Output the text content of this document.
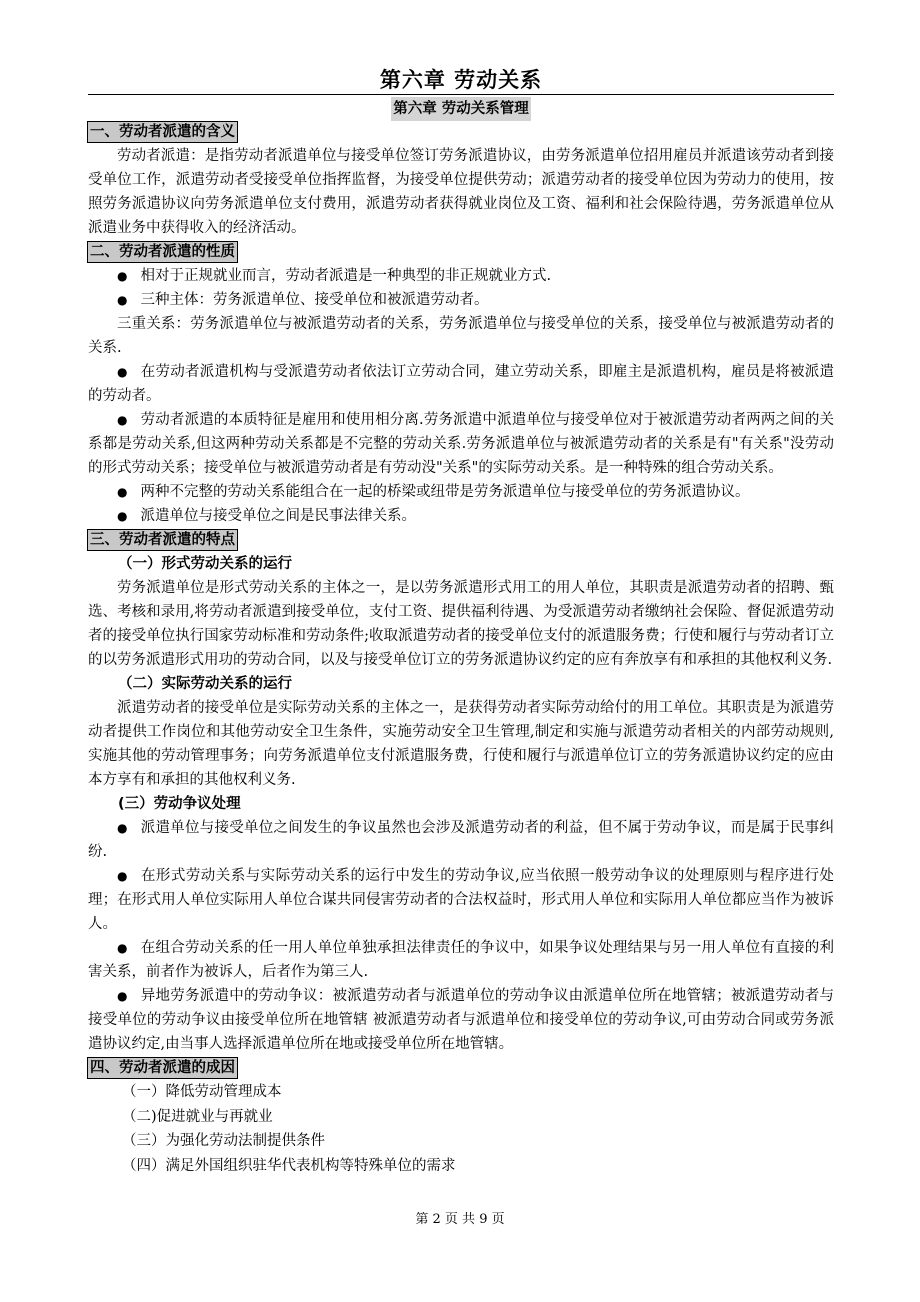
第六章 劳动关系
第六章 劳动关系管理
一、劳动者派遣的含义

劳动者派遣：是指劳动者派遣单位与接受单位签订劳务派遣协议，由劳务派遣单位招用雇员并派遣该劳动者到接受单位工作，派遣劳动者受接受单位指挥监督，为接受单位提供劳动；派遣劳动者的接受单位因为劳动力的使用，按照劳务派遣协议向劳务派遣单位支付费用，派遣劳动者获得就业岗位及工资、福利和社会保险待遇，劳务派遣单位从派遣业务中获得收入的经济活动。

二、劳动者派遣的性质

● 相对于正规就业而言，劳动者派遣是一种典型的非正规就业方式.

● 三种主体：劳务派遣单位、接受单位和被派遣劳动者。

三重关系：劳务派遣单位与被派遣劳动者的关系，劳务派遣单位与接受单位的关系，接受单位与被派遣劳动者的关系.

● 在劳动者派遣机构与受派遣劳动者依法订立劳动合同，建立劳动关系，即雇主是派遣机构，雇员是将被派遣的劳动者。

● 劳动者派遣的本质特征是雇用和使用相分离.劳务派遣中派遣单位与接受单位对于被派遣劳动者两两之间的关系都是劳动关系,但这两种劳动关系都是不完整的劳动关系.劳务派遣单位与被派遣劳动者的关系是有"有关系"没劳动的形式劳动关系；接受单位与被派遣劳动者是有劳动没"关系"的实际劳动关系。是一种特殊的组合劳动关系。

● 两种不完整的劳动关系能组合在一起的桥梁或纽带是劳务派遣单位与接受单位的劳务派遣协议。

● 派遣单位与接受单位之间是民事法律关系。

三、劳动者派遣的特点
（一）形式劳动关系的运行

劳务派遣单位是形式劳动关系的主体之一，是以劳务派遣形式用工的用人单位，其职责是派遣劳动者的招聘、甄选、考核和录用,将劳动者派遣到接受单位，支付工资、提供福利待遇、为受派遣劳动者缴纳社会保险、督促派遣劳动者的接受单位执行国家劳动标准和劳动条件;收取派遣劳动者的接受单位支付的派遣服务费；行使和履行与劳动者订立的以劳务派遣形式用功的劳动合同，以及与接受单位订立的劳务派遣协议约定的应有奔放享有和承担的其他权利义务.

（二）实际劳动关系的运行

派遣劳动者的接受单位是实际劳动关系的主体之一，是获得劳动者实际劳动给付的用工单位。其职责是为派遣劳动者提供工作岗位和其他劳动安全卫生条件，实施劳动安全卫生管理,制定和实施与派遣劳动者相关的内部劳动规则,实施其他的劳动管理事务；向劳务派遣单位支付派遣服务费，行使和履行与派遣单位订立的劳务派遣协议约定的应由本方享有和承担的其他权利义务.

(三）劳动争议处理

● 派遣单位与接受单位之间发生的争议虽然也会涉及派遣劳动者的利益，但不属于劳动争议，而是属于民事纠纷.

● 在形式劳动关系与实际劳动关系的运行中发生的劳动争议,应当依照一般劳动争议的处理原则与程序进行处理；在形式用人单位实际用人单位合谋共同侵害劳动者的合法权益时，形式用人单位和实际用人单位都应当作为被诉人。

● 在组合劳动关系的任一用人单位单独承担法律责任的争议中，如果争议处理结果与另一用人单位有直接的利害关系，前者作为被诉人，后者作为第三人.

● 异地劳务派遣中的劳动争议：被派遣劳动者与派遣单位的劳动争议由派遣单位所在地管辖；被派遣劳动者与接受单位的劳动争议由接受单位所在地管辖 被派遣劳动者与派遣单位和接受单位的劳动争议,可由劳动合同或劳务派遣协议约定,由当事人选择派遣单位所在地或接受单位所在地管辖。

四、劳动者派遣的成因
（一）降低劳动管理成本
（二)促进就业与再就业
（三）为强化劳动法制提供条件
（四）满足外国组织驻华代表机构等特殊单位的需求
第 2 页 共 9 页
